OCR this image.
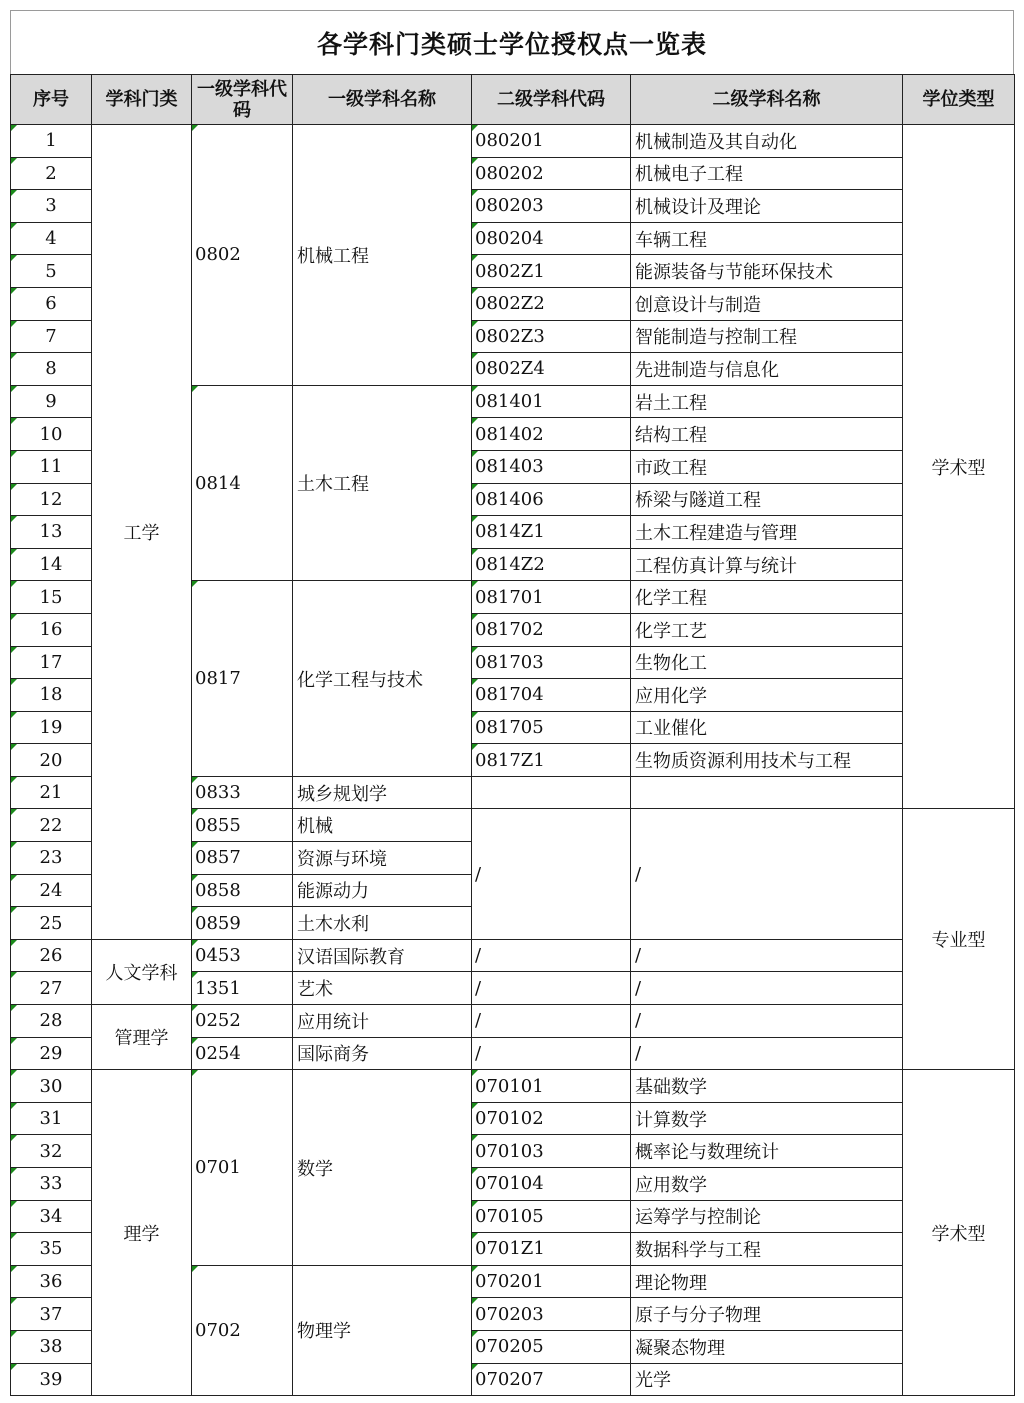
各学科门类硕士学位授权点一览表
序号	学科门类	一级学科代码	一级学科名称	二级学科代码	二级学科名称	学位类型
1	工学	0802	机械工程	080201	机械制造及其自动化	学术型
2				080202	机械电子工程	
3				080203	机械设计及理论	
4				080204	车辆工程	
5				0802Z1	能源装备与节能环保技术	
6				0802Z2	创意设计与制造	
7				0802Z3	智能制造与控制工程	
8				0802Z4	先进制造与信息化	
9		0814	土木工程	081401	岩土工程	
10				081402	结构工程	
11				081403	市政工程	
12				081406	桥梁与隧道工程	
13				0814Z1	土木工程建造与管理	
14				0814Z2	工程仿真计算与统计	
15		0817	化学工程与技术	081701	化学工程	
16				081702	化学工艺	
17				081703	生物化工	
18				081704	应用化学	
19				081705	工业催化	
20				0817Z1	生物质资源利用技术与工程	
21		0833	城乡规划学			
22		0855	机械	/	/	专业型
23		0857	资源与环境			
24		0858	能源动力			
25		0859	土木水利			
26	人文学科	0453	汉语国际教育	/	/	
27		1351	艺术	/	/	
28	管理学	0252	应用统计	/	/	
29		0254	国际商务	/	/	
30	理学	0701	数学	070101	基础数学	学术型
31				070102	计算数学	
32				070103	概率论与数理统计	
33				070104	应用数学	
34				070105	运筹学与控制论	
35				0701Z1	数据科学与工程	
36		0702	物理学	070201	理论物理	
37				070203	原子与分子物理	
38				070205	凝聚态物理	
39				070207	光学	
